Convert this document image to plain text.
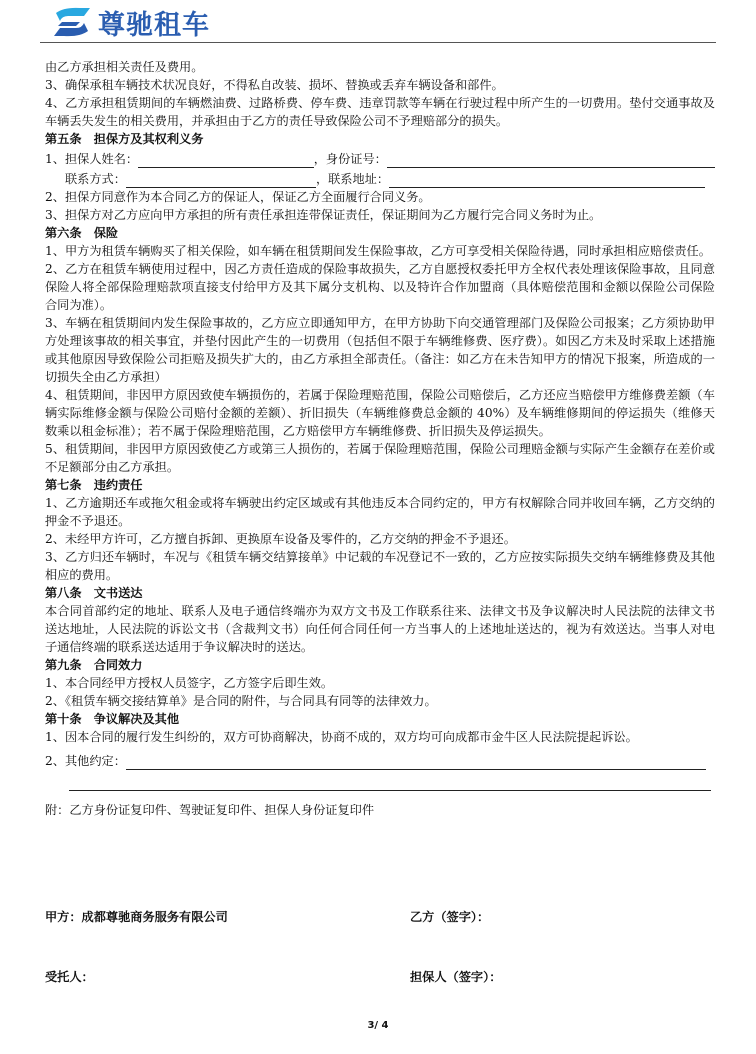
尊驰租车
由乙方承担相关责任及费用。
3、确保承租车辆技术状况良好，不得私自改装、损坏、替换或丢弃车辆设备和部件。
4、乙方承担租赁期间的车辆燃油费、过路桥费、停车费、违章罚款等车辆在行驶过程中所产生的一切费用。垫付交通事故及车辆丢失发生的相关费用，并承担由于乙方的责任导致保险公司不予理赔部分的损失。
第五条　担保方及其权利义务
1、担保人姓名：	，身份证号：
联系方式：	，联系地址：
2、担保方同意作为本合同乙方的保证人，保证乙方全面履行合同义务。
3、担保方对乙方应向甲方承担的所有责任承担连带保证责任，保证期间为乙方履行完合同义务时为止。
第六条　保险
1、甲方为租赁车辆购买了相关保险，如车辆在租赁期间发生保险事故，乙方可享受相关保险待遇，同时承担相应赔偿责任。
2、乙方在租赁车辆使用过程中，因乙方责任造成的保险事故损失，乙方自愿授权委托甲方全权代表处理该保险事故，且同意保险人将全部保险理赔款项直接支付给甲方及其下属分支机构、以及特许合作加盟商（具体赔偿范围和金额以保险公司保险合同为准）。
3、车辆在租赁期间内发生保险事故的，乙方应立即通知甲方，在甲方协助下向交通管理部门及保险公司报案；乙方须协助甲方处理该事故的相关事宜，并垫付因此产生的一切费用（包括但不限于车辆维修费、医疗费）。如因乙方未及时采取上述措施或其他原因导致保险公司拒赔及损失扩大的，由乙方承担全部责任。（备注：如乙方在未告知甲方的情况下报案，所造成的一切损失全由乙方承担）
4、租赁期间，非因甲方原因致使车辆损伤的，若属于保险理赔范围，保险公司赔偿后，乙方还应当赔偿甲方维修费差额（车辆实际维修金额与保险公司赔付金额的差额）、折旧损失（车辆维修费总金额的 40%）及车辆维修期间的停运损失（维修天数乘以租金标准）；若不属于保险理赔范围，乙方赔偿甲方车辆维修费、折旧损失及停运损失。
5、租赁期间，非因甲方原因致使乙方或第三人损伤的，若属于保险理赔范围，保险公司理赔金额与实际产生金额存在差价或不足额部分由乙方承担。
第七条　违约责任
1、乙方逾期还车或拖欠租金或将车辆驶出约定区域或有其他违反本合同约定的，甲方有权解除合同并收回车辆，乙方交纳的押金不予退还。
2、未经甲方许可，乙方擅自拆卸、更换原车设备及零件的，乙方交纳的押金不予退还。
3、乙方归还车辆时，车况与《租赁车辆交结算接单》中记载的车况登记不一致的，乙方应按实际损失交纳车辆维修费及其他相应的费用。
第八条　文书送达
本合同首部约定的地址、联系人及电子通信终端亦为双方文书及工作联系往来、法律文书及争议解决时人民法院的法律文书送达地址，人民法院的诉讼文书（含裁判文书）向任何合同任何一方当事人的上述地址送达的，视为有效送达。当事人对电子通信终端的联系送达适用于争议解决时的送达。
第九条　合同效力
1、本合同经甲方授权人员签字，乙方签字后即生效。
2、《租赁车辆交接结算单》是合同的附件，与合同具有同等的法律效力。
第十条　争议解决及其他
1、因本合同的履行发生纠纷的，双方可协商解决，协商不成的，双方均可向成都市金牛区人民法院提起诉讼。
2、其他约定：
附：乙方身份证复印件、驾驶证复印件、担保人身份证复印件
甲方：成都尊驰商务服务有限公司	乙方（签字）：
受托人：	担保人（签字）：
3/ 4
